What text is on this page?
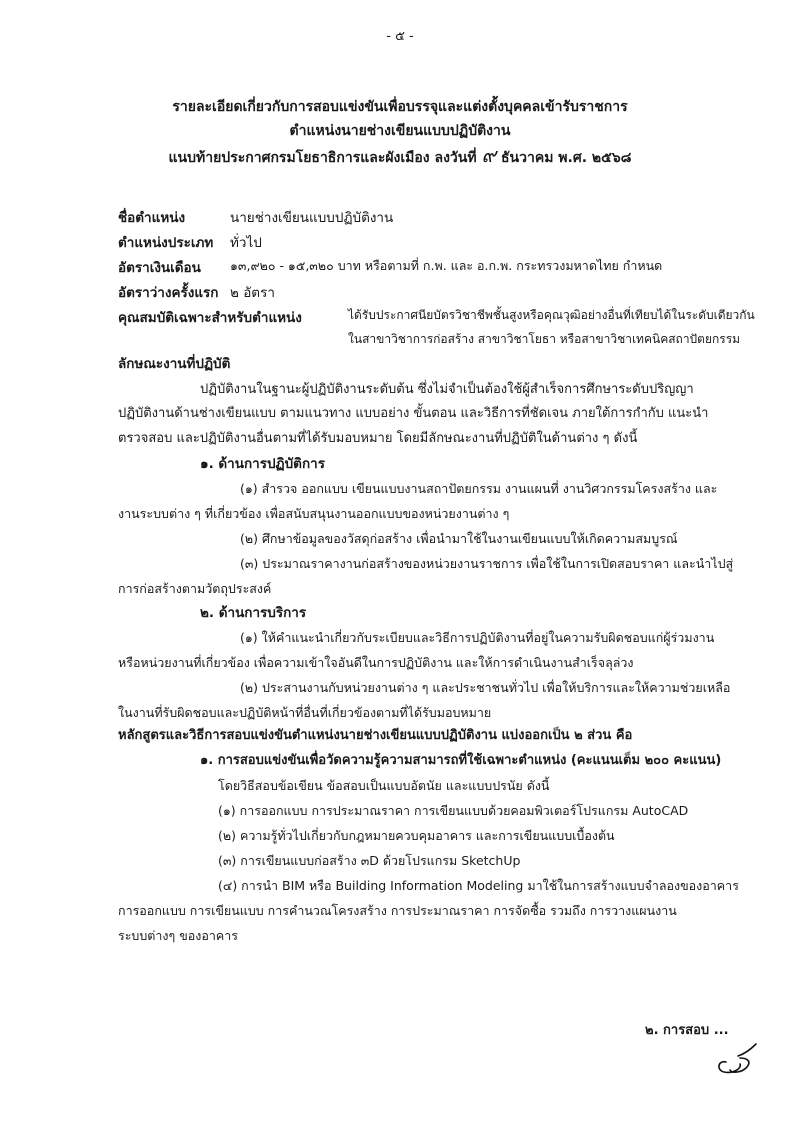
- ๕ -
รายละเอียดเกี่ยวกับการสอบแข่งขันเพื่อบรรจุและแต่งตั้งบุคคลเข้ารับราชการ
ตำแหน่งนายช่างเขียนแบบปฏิบัติงาน
แนบท้ายประกาศกรมโยธาธิการและผังเมือง ลงวันที่ ๙ ธันวาคม พ.ศ. ๒๕๖๘
ชื่อตำแหน่ง	นายช่างเขียนแบบปฏิบัติงาน
ตำแหน่งประเภท ทั่วไป
อัตราเงินเดือน ๑๓,๙๒๐ - ๑๕,๓๒๐ บาท หรือตามที่ ก.พ. และ อ.ก.พ. กระทรวงมหาดไทย กำหนด
อัตราว่างครั้งแรก ๒ อัตรา
คุณสมบัติเฉพาะสำหรับตำแหน่ง	ได้รับประกาศนียบัตรวิชาชีพชั้นสูงหรือคุณวุฒิอย่างอื่นที่เทียบได้ในระดับเดียวกัน
ในสาขาวิชาการก่อสร้าง สาขาวิชาโยธา หรือสาขาวิชาเทคนิคสถาปัตยกรรม
ลักษณะงานที่ปฏิบัติ
ปฏิบัติงานในฐานะผู้ปฏิบัติงานระดับต้น ซึ่งไม่จำเป็นต้องใช้ผู้สำเร็จการศึกษาระดับปริญญา
ปฏิบัติงานด้านช่างเขียนแบบ ตามแนวทาง แบบอย่าง ขั้นตอน และวิธีการที่ชัดเจน ภายใต้การกำกับ แนะนำ
ตรวจสอบ และปฏิบัติงานอื่นตามที่ได้รับมอบหมาย โดยมีลักษณะงานที่ปฏิบัติในด้านต่าง ๆ ดังนี้
๑. ด้านการปฏิบัติการ
(๑) สำรวจ ออกแบบ เขียนแบบงานสถาปัตยกรรม งานแผนที่ งานวิศวกรรมโครงสร้าง และ
งานระบบต่าง ๆ ที่เกี่ยวข้อง เพื่อสนับสนุนงานออกแบบของหน่วยงานต่าง ๆ
(๒) ศึกษาข้อมูลของวัสดุก่อสร้าง เพื่อนำมาใช้ในงานเขียนแบบให้เกิดความสมบูรณ์
(๓) ประมาณราคางานก่อสร้างของหน่วยงานราชการ เพื่อใช้ในการเปิดสอบราคา และนำไปสู่
การก่อสร้างตามวัตถุประสงค์
๒. ด้านการบริการ
(๑) ให้คำแนะนำเกี่ยวกับระเบียบและวิธีการปฏิบัติงานที่อยู่ในความรับผิดชอบแก่ผู้ร่วมงาน
หรือหน่วยงานที่เกี่ยวข้อง เพื่อความเข้าใจอันดีในการปฏิบัติงาน และให้การดำเนินงานสำเร็จลุล่วง
(๒) ประสานงานกับหน่วยงานต่าง ๆ และประชาชนทั่วไป เพื่อให้บริการและให้ความช่วยเหลือ
ในงานที่รับผิดชอบและปฏิบัติหน้าที่อื่นที่เกี่ยวข้องตามที่ได้รับมอบหมาย
หลักสูตรและวิธีการสอบแข่งขันตำแหน่งนายช่างเขียนแบบปฏิบัติงาน แบ่งออกเป็น ๒ ส่วน คือ
๑. การสอบแข่งขันเพื่อวัดความรู้ความสามารถที่ใช้เฉพาะตำแหน่ง (คะแนนเต็ม ๒๐๐ คะแนน)
โดยวิธีสอบข้อเขียน ข้อสอบเป็นแบบอัตนัย และแบบปรนัย ดังนี้
(๑) การออกแบบ การประมาณราคา การเขียนแบบด้วยคอมพิวเตอร์โปรแกรม AutoCAD
(๒) ความรู้ทั่วไปเกี่ยวกับกฎหมายควบคุมอาคาร และการเขียนแบบเบื้องต้น
(๓) การเขียนแบบก่อสร้าง ๓D ด้วยโปรแกรม SketchUp
(๔) การนำ BIM หรือ Building Information Modeling มาใช้ในการสร้างแบบจำลองของอาคาร
การออกแบบ การเขียนแบบ การคำนวณโครงสร้าง การประมาณราคา การจัดซื้อ รวมถึง การวางแผนงาน
ระบบต่างๆ ของอาคาร
๒. การสอบ ...
